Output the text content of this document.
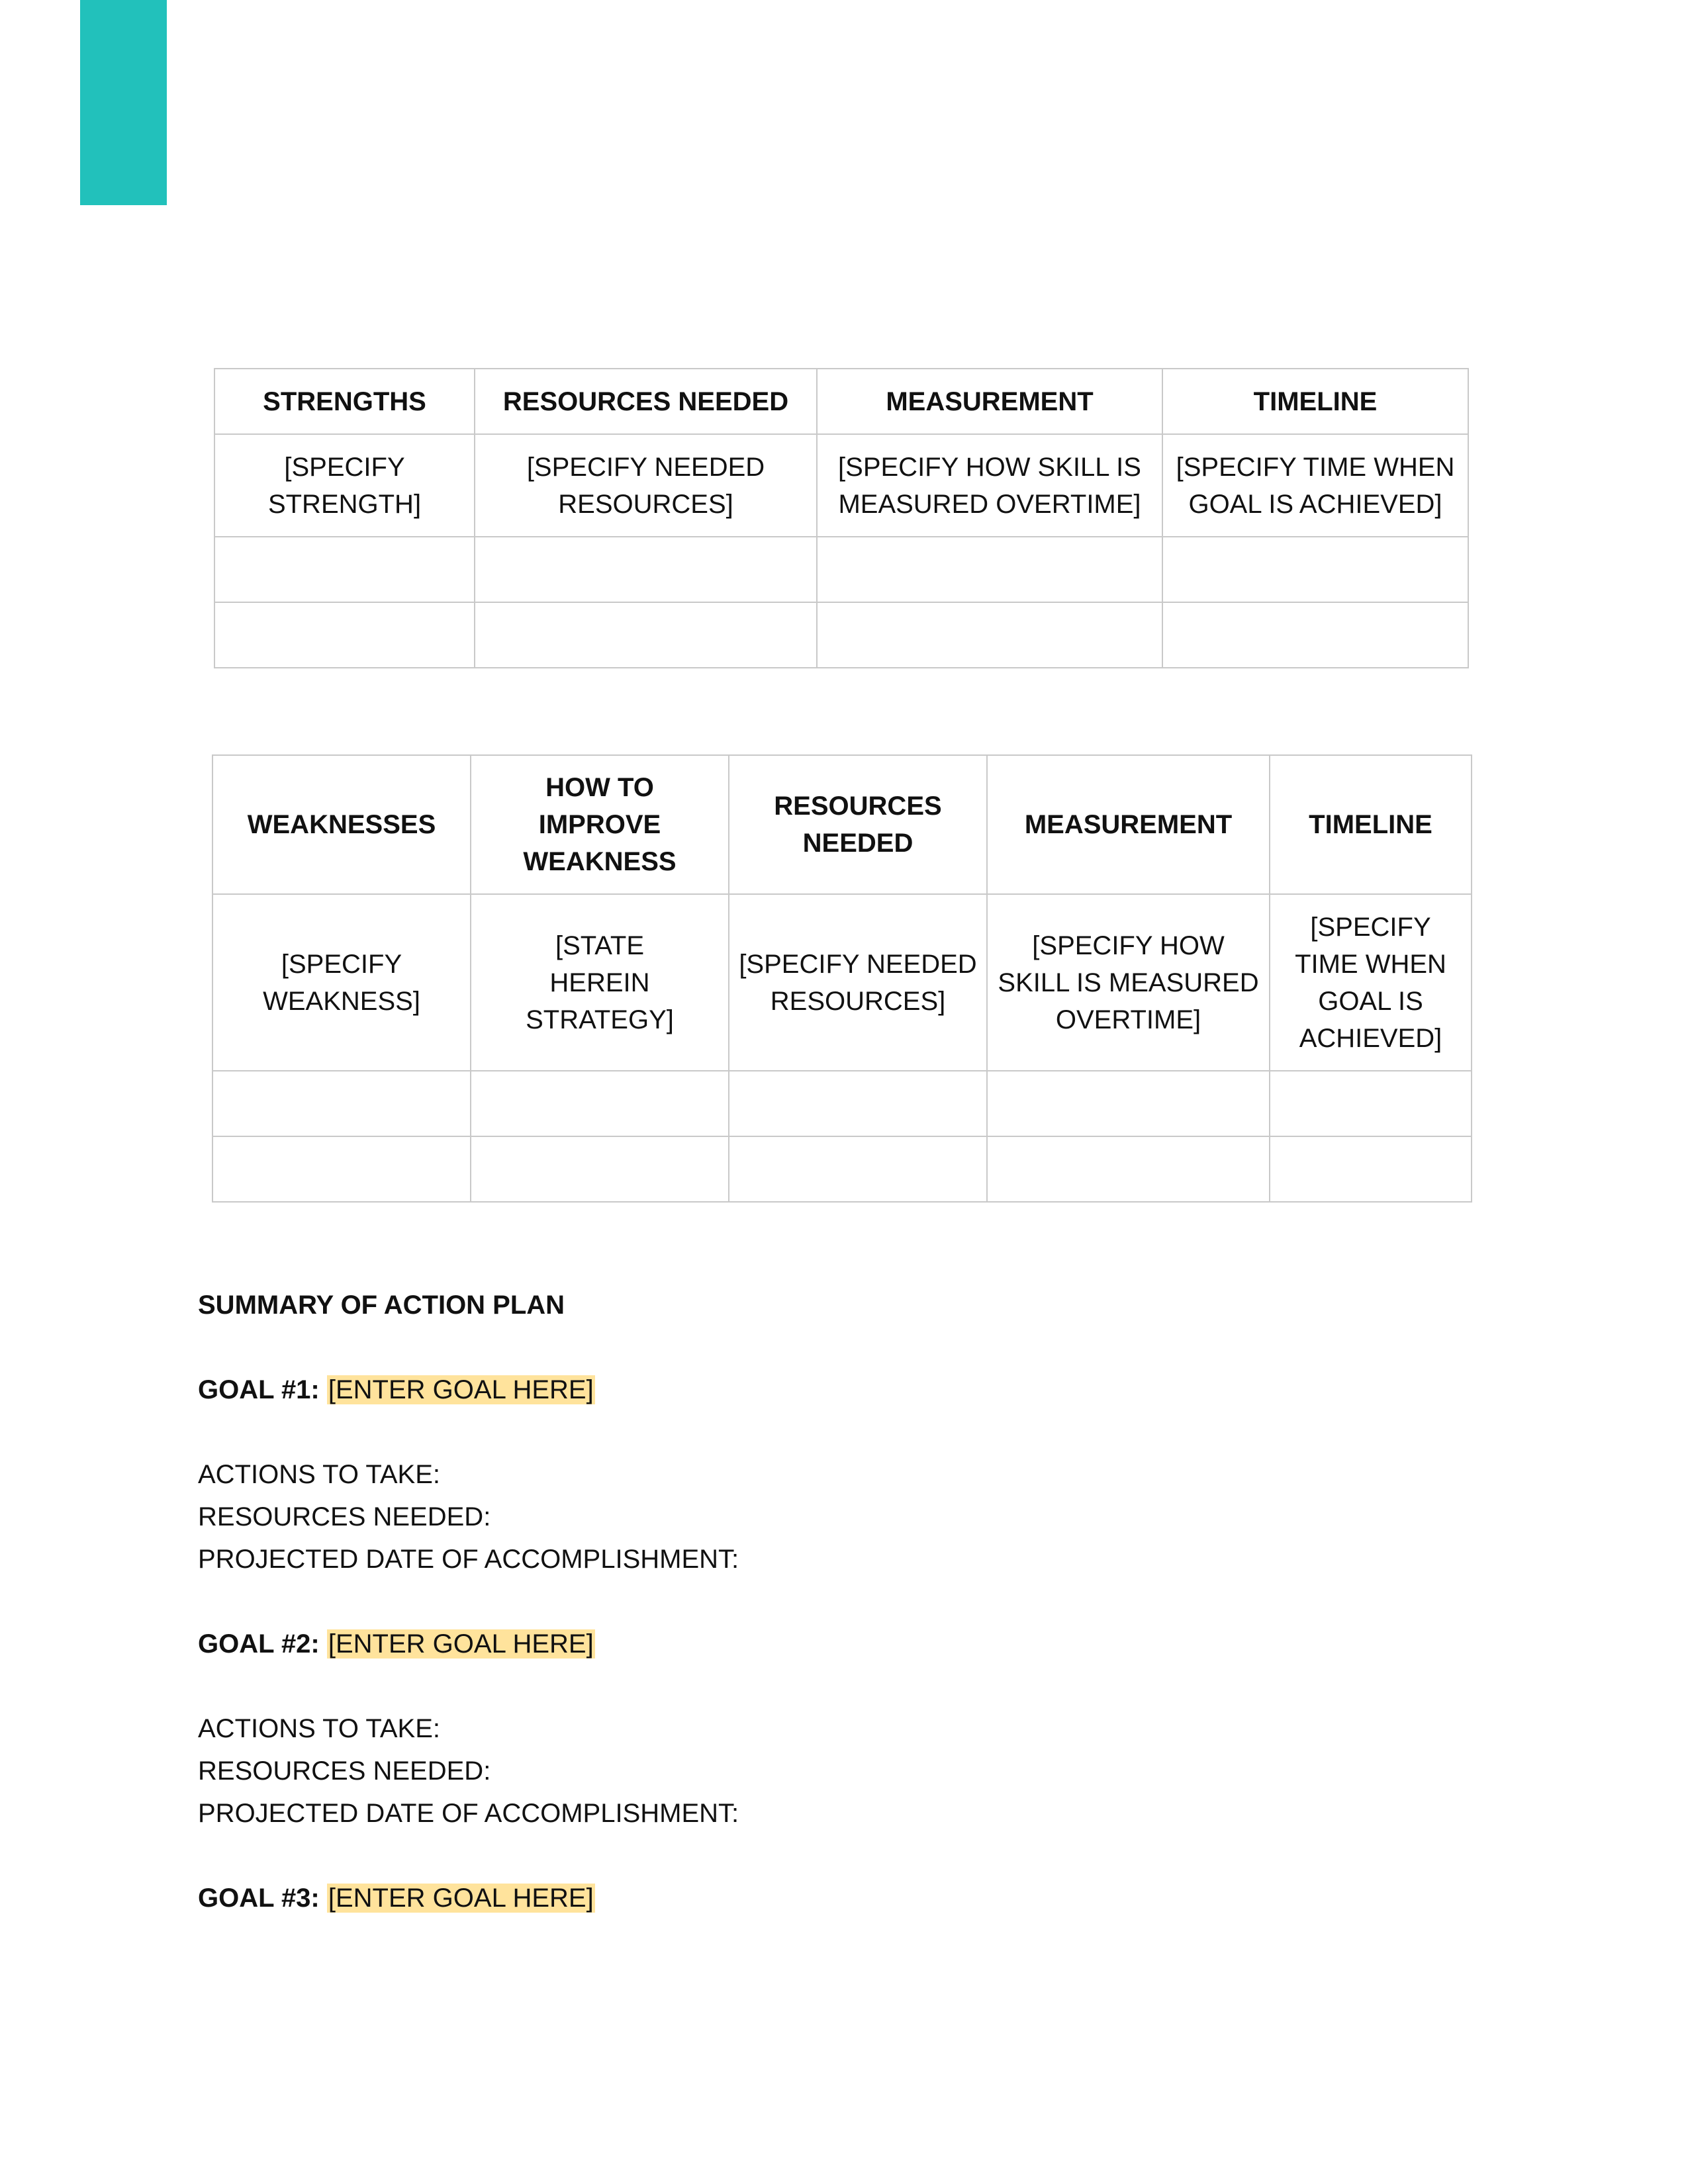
STRENGTHS	RESOURCES NEEDED	MEASUREMENT	TIMELINE
[SPECIFY STRENGTH]	[SPECIFY NEEDED RESOURCES]	[SPECIFY HOW SKILL IS MEASURED OVERTIME]	[SPECIFY TIME WHEN GOAL IS ACHIEVED]

WEAKNESSES	HOW TO IMPROVE WEAKNESS	RESOURCES NEEDED	MEASUREMENT	TIMELINE
[SPECIFY WEAKNESS]	[STATE HEREIN STRATEGY]	[SPECIFY NEEDED RESOURCES]	[SPECIFY HOW SKILL IS MEASURED OVERTIME]	[SPECIFY TIME WHEN GOAL IS ACHIEVED]

SUMMARY OF ACTION PLAN
GOAL #1: [ENTER GOAL HERE]
ACTIONS TO TAKE:
RESOURCES NEEDED:
PROJECTED DATE OF ACCOMPLISHMENT:
GOAL #2: [ENTER GOAL HERE]
ACTIONS TO TAKE:
RESOURCES NEEDED:
PROJECTED DATE OF ACCOMPLISHMENT:
GOAL #3: [ENTER GOAL HERE]
